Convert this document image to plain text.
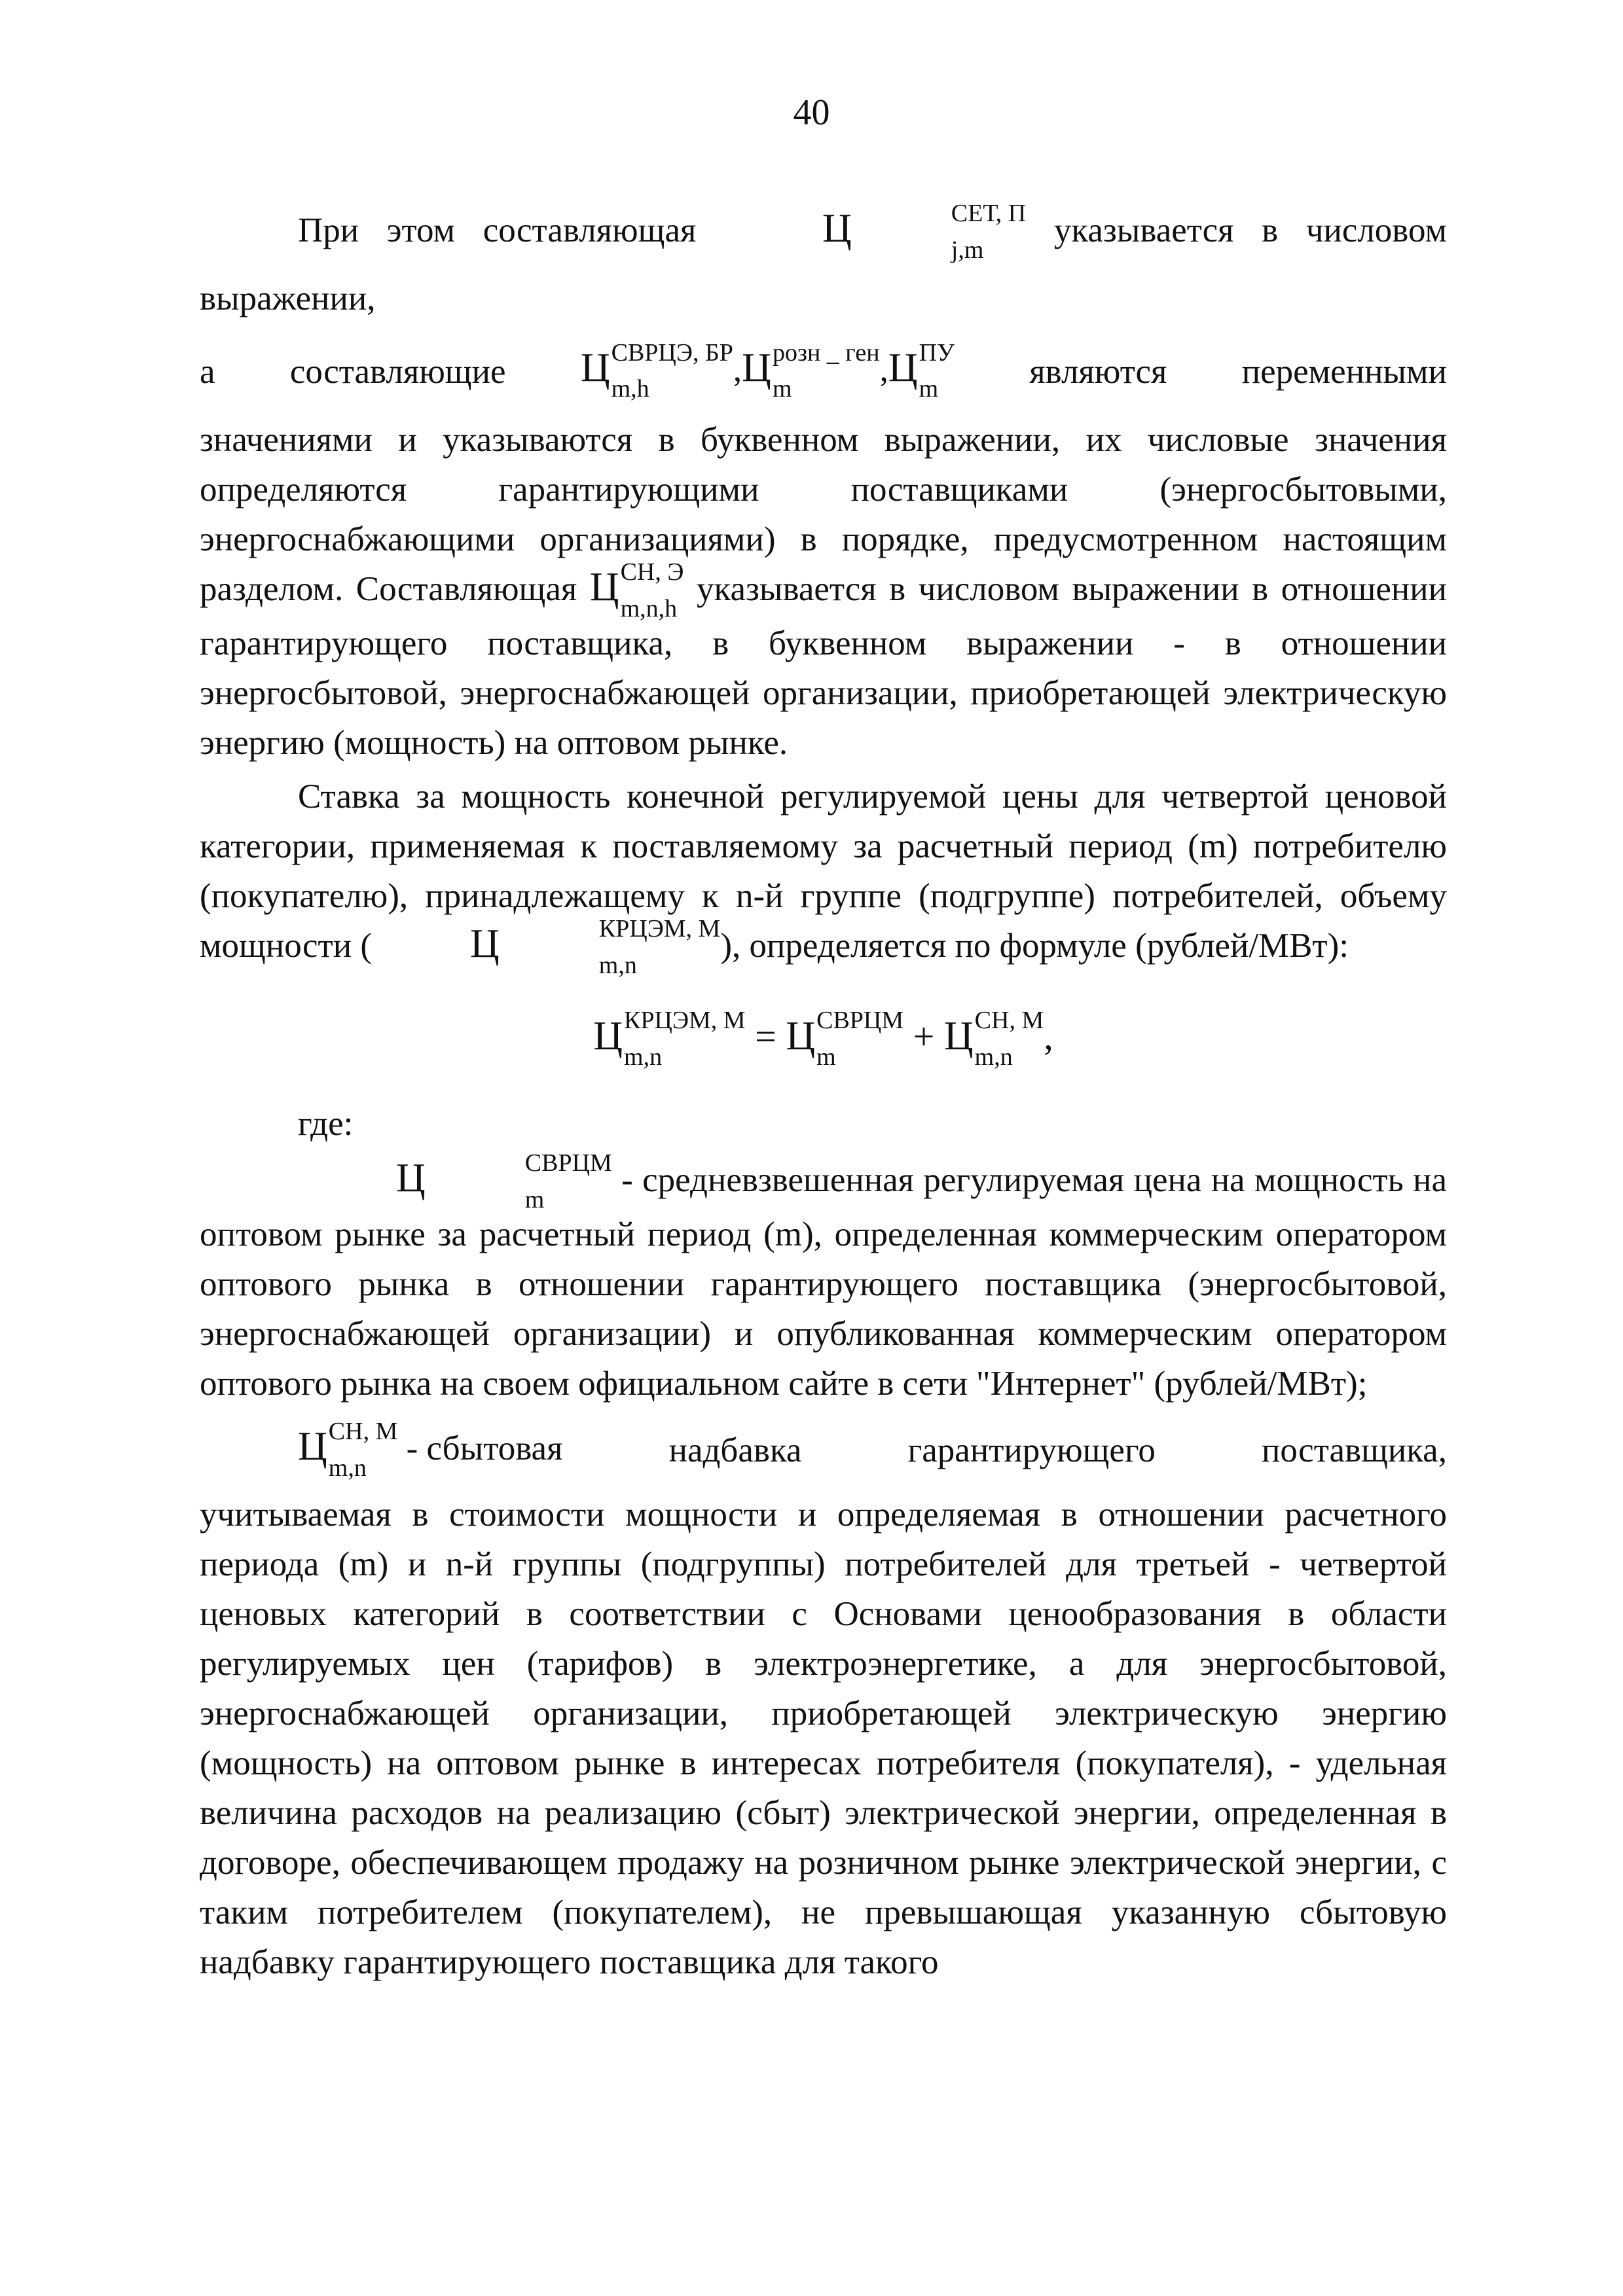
40

При этом составляющая	Ц	СЕТ, П
j,m
указывается в числовом выражении,

а составляющие Ц СВРЦЭ, БР
m,h
,Ц розн _ ген
m
,Ц ПУ
m	являются переменными

значениями и указываются в буквенном выражении, их числовые значения определяются гарантирующими поставщиками (энергосбытовыми, энергоснабжающими организациями) в порядке, предусмотренном настоящим разделом. Составляющая Ц СН, Э
m,n,h
указывается в числовом выражении в отношении гарантирующего поставщика, в буквенном выражении - в отношении энергосбытовой, энергоснабжающей организации, приобретающей электрическую энергию (мощность) на оптовом рынке.

Ставка за мощность конечной регулируемой цены для четвертой ценовой категории, применяемая к поставляемому за расчетный период (m) потребителю (покупателю), принадлежащему к n-й группе (подгруппе) потребителей, объему мощности ( Ц	КРЦЭМ, М
m,n
), определяется по формуле (рублей/МВт):

Ц КРЦЭМ, М
m,n	= Ц СВРЦМ
m	+ Ц СН, М
m,n ,

где:

Ц	СВРЦМ
m
- средневзвешенная регулируемая цена на мощность на оптовом рынке за расчетный период (m), определенная коммерческим оператором оптового рынка в отношении гарантирующего поставщика (энергосбытовой, энергоснабжающей организации) и опубликованная коммерческим оператором оптового рынка на своем официальном сайте в сети "Интернет" (рублей/МВт);

Ц СН, М
m,n
- сбытовая	надбавка	гарантирующего	поставщика,

учитываемая в стоимости мощности и определяемая в отношении расчетного периода (m) и n-й группы (подгруппы) потребителей для третьей - четвертой ценовых категорий в соответствии с Основами ценообразования в области регулируемых цен (тарифов) в электроэнергетике, а для энергосбытовой, энергоснабжающей организации, приобретающей электрическую энергию (мощность) на оптовом рынке в интересах потребителя (покупателя), - удельная величина расходов на реализацию (сбыт) электрической энергии, определенная в договоре, обеспечивающем продажу на розничном рынке электрической энергии, с таким потребителем (покупателем), не превышающая указанную сбытовую надбавку гарантирующего поставщика для такого
